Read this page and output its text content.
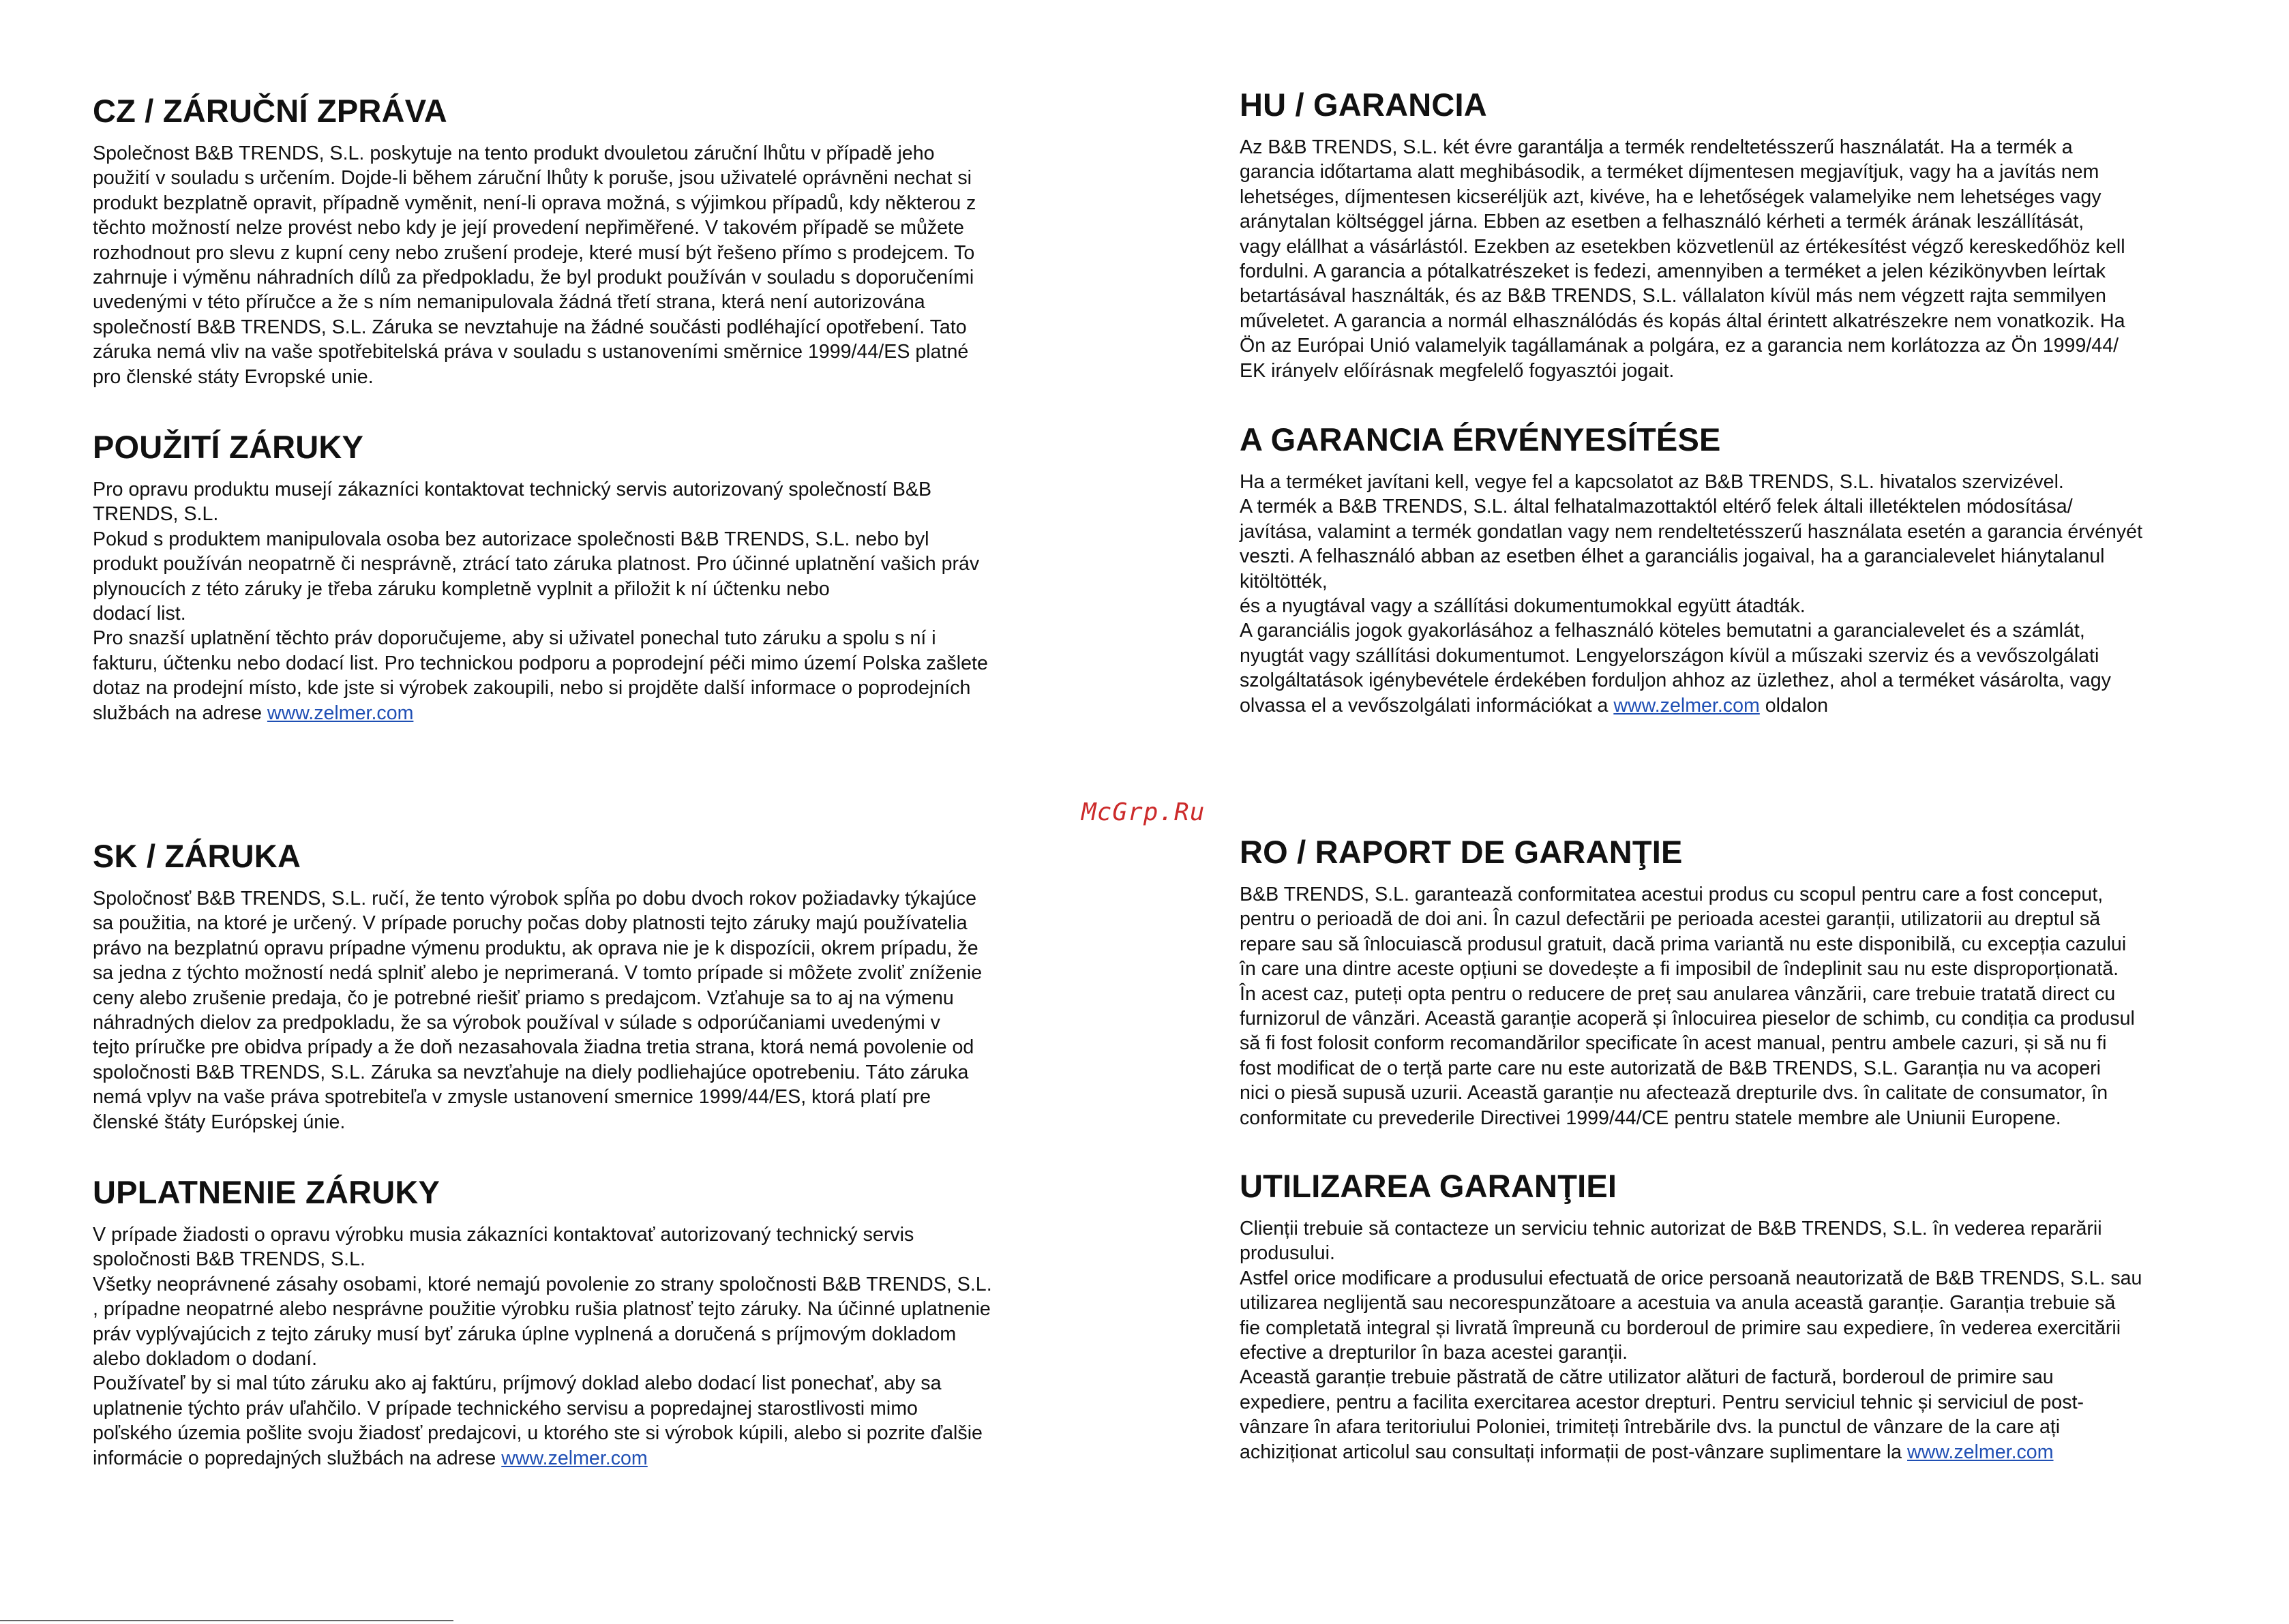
CZ / ZÁRUČNÍ ZPRÁVA
Společnost B&B TRENDS, S.L. poskytuje na tento produkt dvouletou záruční lhůtu v případě jeho
použití v souladu s určením. Dojde-li během záruční lhůty k poruše, jsou uživatelé oprávněni nechat si
produkt bezplatně opravit, případně vyměnit, není-li oprava možná, s výjimkou případů, kdy některou z
těchto možností nelze provést nebo kdy je její provedení nepřiměřené. V takovém případě se můžete
rozhodnout pro slevu z kupní ceny nebo zrušení prodeje, které musí být řešeno přímo s prodejcem. To
zahrnuje i výměnu náhradních dílů za předpokladu, že byl produkt používán v souladu s doporučeními
uvedenými v této příručce a že s ním nemanipulovala žádná třetí strana, která není autorizována
společností B&B TRENDS, S.L. Záruka se nevztahuje na žádné součásti podléhající opotřebení. Tato
záruka nemá vliv na vaše spotřebitelská práva v souladu s ustanoveními směrnice 1999/44/ES platné
pro členské státy Evropské unie.
POUŽITÍ ZÁRUKY
Pro opravu produktu musejí zákazníci kontaktovat technický servis autorizovaný společností B&B
TRENDS, S.L.
Pokud s produktem manipulovala osoba bez autorizace společnosti B&B TRENDS, S.L. nebo byl
produkt používán neopatrně či nesprávně, ztrácí tato záruka platnost. Pro účinné uplatnění vašich práv
plynoucích z této záruky je třeba záruku kompletně vyplnit a přiložit k ní účtenku nebo
dodací list.
Pro snazší uplatnění těchto práv doporučujeme, aby si uživatel ponechal tuto záruku a spolu s ní i
fakturu, účtenku nebo dodací list. Pro technickou podporu a poprodejní péči mimo území Polska zašlete
dotaz na prodejní místo, kde jste si výrobek zakoupili, nebo si projděte další informace o poprodejních
službách na adrese www.zelmer.com
SK / ZÁRUKA
Spoločnosť B&B TRENDS, S.L. ručí, že tento výrobok spĺňa po dobu dvoch rokov požiadavky týkajúce
sa použitia, na ktoré je určený. V prípade poruchy počas doby platnosti tejto záruky majú používatelia
právo na bezplatnú opravu prípadne výmenu produktu, ak oprava nie je k dispozícii, okrem prípadu, že
sa jedna z týchto možností nedá splniť alebo je neprimeraná. V tomto prípade si môžete zvoliť zníženie
ceny alebo zrušenie predaja, čo je potrebné riešiť priamo s predajcom. Vzťahuje sa to aj na výmenu
náhradných dielov za predpokladu, že sa výrobok používal v súlade s odporúčaniami uvedenými v
tejto príručke pre obidva prípady a že doň nezasahovala žiadna tretia strana, ktorá nemá povolenie od
spoločnosti B&B TRENDS, S.L. Záruka sa nevzťahuje na diely podliehajúce opotrebeniu. Táto záruka
nemá vplyv na vaše práva spotrebiteľa v zmysle ustanovení smernice 1999/44/ES, ktorá platí pre
členské štáty Európskej únie.
UPLATNENIE ZÁRUKY
V prípade žiadosti o opravu výrobku musia zákazníci kontaktovať autorizovaný technický servis
spoločnosti B&B TRENDS, S.L.
Všetky neoprávnené zásahy osobami, ktoré nemajú povolenie zo strany spoločnosti B&B TRENDS, S.L.
, prípadne neopatrné alebo nesprávne použitie výrobku rušia platnosť tejto záruky. Na účinné uplatnenie
práv vyplývajúcich z tejto záruky musí byť záruka úplne vyplnená a doručená s príjmovým dokladom
alebo dokladom o dodaní.
Používateľ by si mal túto záruku ako aj faktúru, príjmový doklad alebo dodací list ponechať, aby sa
uplatnenie týchto práv uľahčilo. V prípade technického servisu a popredajnej starostlivosti mimo
poľského územia pošlite svoju žiadosť predajcovi, u ktorého ste si výrobok kúpili, alebo si pozrite ďalšie
informácie o popredajných službách na adrese www.zelmer.com
McGrp.Ru
HU / GARANCIA
Az B&B TRENDS, S.L. két évre garantálja a termék rendeltetésszerű használatát. Ha a termék a
garancia időtartama alatt meghibásodik, a terméket díjmentesen megjavítjuk, vagy ha a javítás nem
lehetséges, díjmentesen kicseréljük azt, kivéve, ha e lehetőségek valamelyike nem lehetséges vagy
aránytalan költséggel járna. Ebben az esetben a felhasználó kérheti a termék árának leszállítását,
vagy elállhat a vásárlástól. Ezekben az esetekben közvetlenül az értékesítést végző kereskedőhöz kell
fordulni. A garancia a pótalkatrészeket is fedezi, amennyiben a terméket a jelen kézikönyvben leírtak
betartásával használták, és az B&B TRENDS, S.L. vállalaton kívül más nem végzett rajta semmilyen
műveletet. A garancia a normál elhasználódás és kopás által érintett alkatrészekre nem vonatkozik. Ha
Ön az Európai Unió valamelyik tagállamának a polgára, ez a garancia nem korlátozza az Ön 1999/44/
EK irányelv előírásnak megfelelő fogyasztói jogait.
A GARANCIA ÉRVÉNYESÍTÉSE
Ha a terméket javítani kell, vegye fel a kapcsolatot az B&B TRENDS, S.L. hivatalos szervizével.
A termék a B&B TRENDS, S.L. által felhatalmazottaktól eltérő felek általi illetéktelen módosítása/
javítása, valamint a termék gondatlan vagy nem rendeltetésszerű használata esetén a garancia érvényét
veszti. A felhasználó abban az esetben élhet a garanciális jogaival, ha a garancialevelet hiánytalanul
kitöltötték,
és a nyugtával vagy a szállítási dokumentumokkal együtt átadták.
A garanciális jogok gyakorlásához a felhasználó köteles bemutatni a garancialevelet és a számlát,
nyugtát vagy szállítási dokumentumot. Lengyelországon kívül a műszaki szerviz és a vevőszolgálati
szolgáltatások igénybevétele érdekében forduljon ahhoz az üzlethez, ahol a terméket vásárolta, vagy
olvassa el a vevőszolgálati információkat a www.zelmer.com oldalon
RO / RAPORT DE GARANŢIE
B&B TRENDS, S.L. garantează conformitatea acestui produs cu scopul pentru care a fost conceput,
pentru o perioadă de doi ani. În cazul defectării pe perioada acestei garanții, utilizatorii au dreptul să
repare sau să înlocuiască produsul gratuit, dacă prima variantă nu este disponibilă, cu excepția cazului
în care una dintre aceste opțiuni se dovedește a fi imposibil de îndeplinit sau nu este disproporționată.
În acest caz, puteți opta pentru o reducere de preț sau anularea vânzării, care trebuie tratată direct cu
furnizorul de vânzări. Această garanție acoperă și înlocuirea pieselor de schimb, cu condiția ca produsul
să fi fost folosit conform recomandărilor specificate în acest manual, pentru ambele cazuri, și să nu fi
fost modificat de o terță parte care nu este autorizată de B&B TRENDS, S.L. Garanția nu va acoperi
nici o piesă supusă uzurii. Această garanție nu afectează drepturile dvs. în calitate de consumator, în
conformitate cu prevederile Directivei 1999/44/CE pentru statele membre ale Uniunii Europene.
UTILIZAREA GARANŢIEI
Clienții trebuie să contacteze un serviciu tehnic autorizat de B&B TRENDS, S.L. în vederea reparării
produsului.
Astfel orice modificare a produsului efectuată de orice persoană neautorizată de B&B TRENDS, S.L. sau
utilizarea neglijentă sau necorespunzătoare a acestuia va anula această garanție. Garanția trebuie să
fie completată integral și livrată împreună cu borderoul de primire sau expediere, în vederea exercitării
efective a drepturilor în baza acestei garanții.
Această garanție trebuie păstrată de către utilizator alături de factură, borderoul de primire sau
expediere, pentru a facilita exercitarea acestor drepturi. Pentru serviciul tehnic și serviciul de post-
vânzare în afara teritoriului Poloniei, trimiteți întrebările dvs. la punctul de vânzare de la care ați
achiziționat articolul sau consultați informații de post-vânzare suplimentare la www.zelmer.com
